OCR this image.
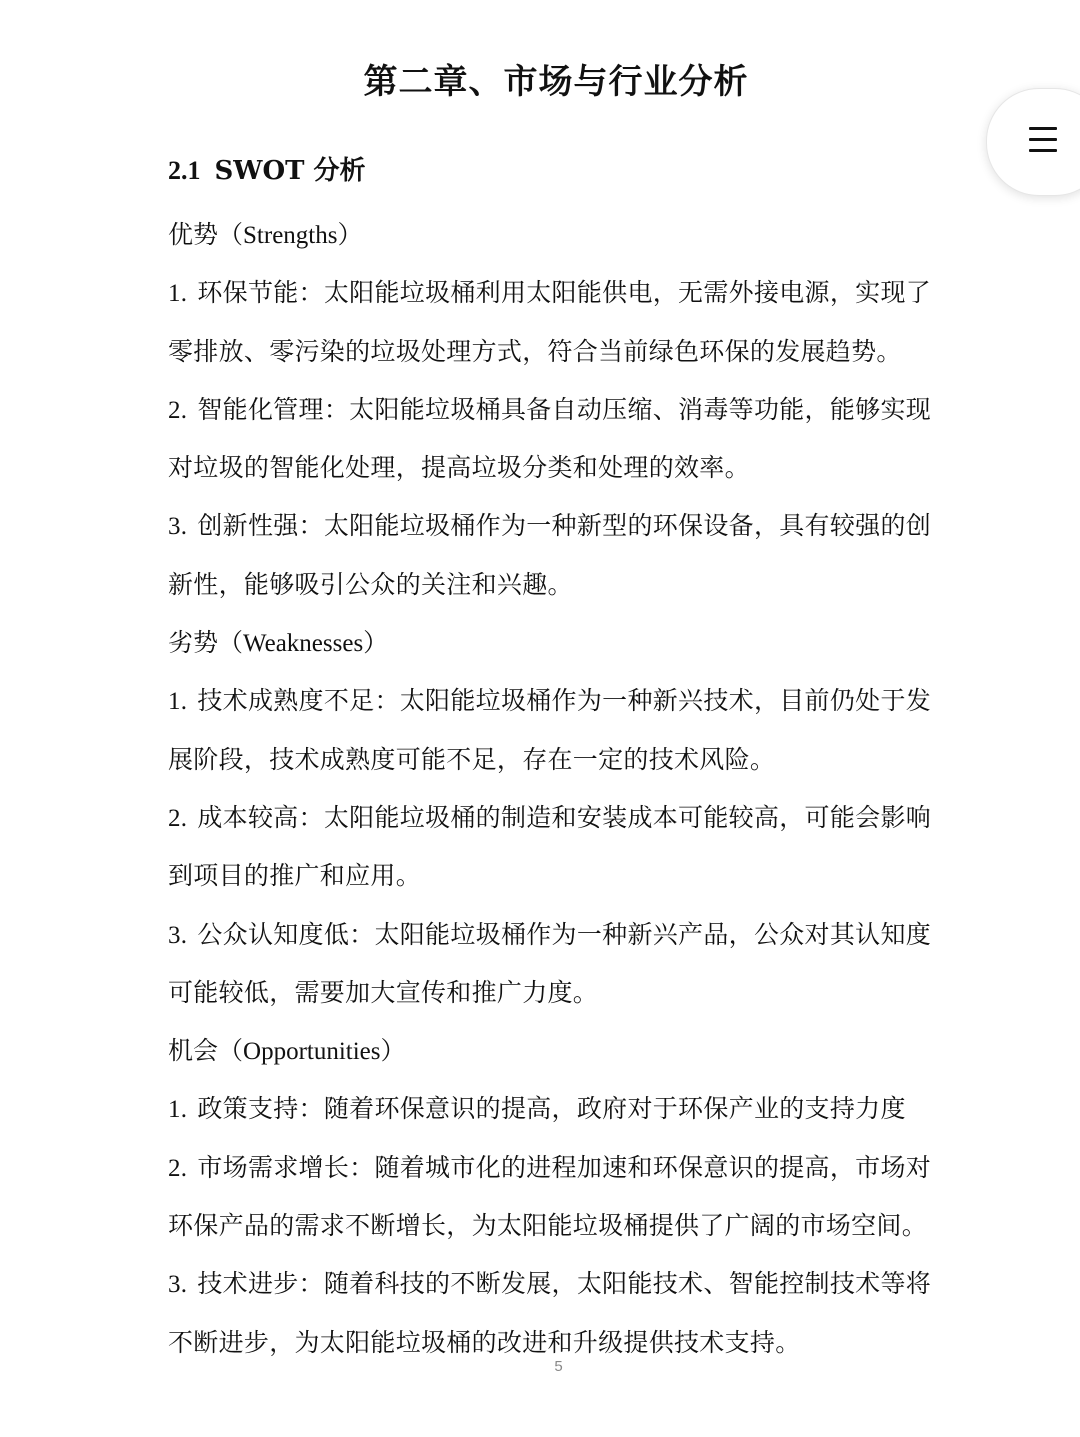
第二章、市场与行业分析
2.1 SWOT 分析
优势（Strengths）
1. 环保节能：太阳能垃圾桶利用太阳能供电，无需外接电源，实现了
零排放、零污染的垃圾处理方式，符合当前绿色环保的发展趋势。
2. 智能化管理：太阳能垃圾桶具备自动压缩、消毒等功能，能够实现
对垃圾的智能化处理，提高垃圾分类和处理的效率。
3. 创新性强：太阳能垃圾桶作为一种新型的环保设备，具有较强的创
新性，能够吸引公众的关注和兴趣。
劣势（Weaknesses）
1. 技术成熟度不足：太阳能垃圾桶作为一种新兴技术，目前仍处于发
展阶段，技术成熟度可能不足，存在一定的技术风险。
2. 成本较高：太阳能垃圾桶的制造和安装成本可能较高，可能会影响
到项目的推广和应用。
3. 公众认知度低：太阳能垃圾桶作为一种新兴产品，公众对其认知度
可能较低，需要加大宣传和推广力度。
机会（Opportunities）
1. 政策支持：随着环保意识的提高，政府对于环保产业的支持力度
2. 市场需求增长：随着城市化的进程加速和环保意识的提高，市场对
环保产品的需求不断增长，为太阳能垃圾桶提供了广阔的市场空间。
3. 技术进步：随着科技的不断发展，太阳能技术、智能控制技术等将
不断进步，为太阳能垃圾桶的改进和升级提供技术支持。
5
